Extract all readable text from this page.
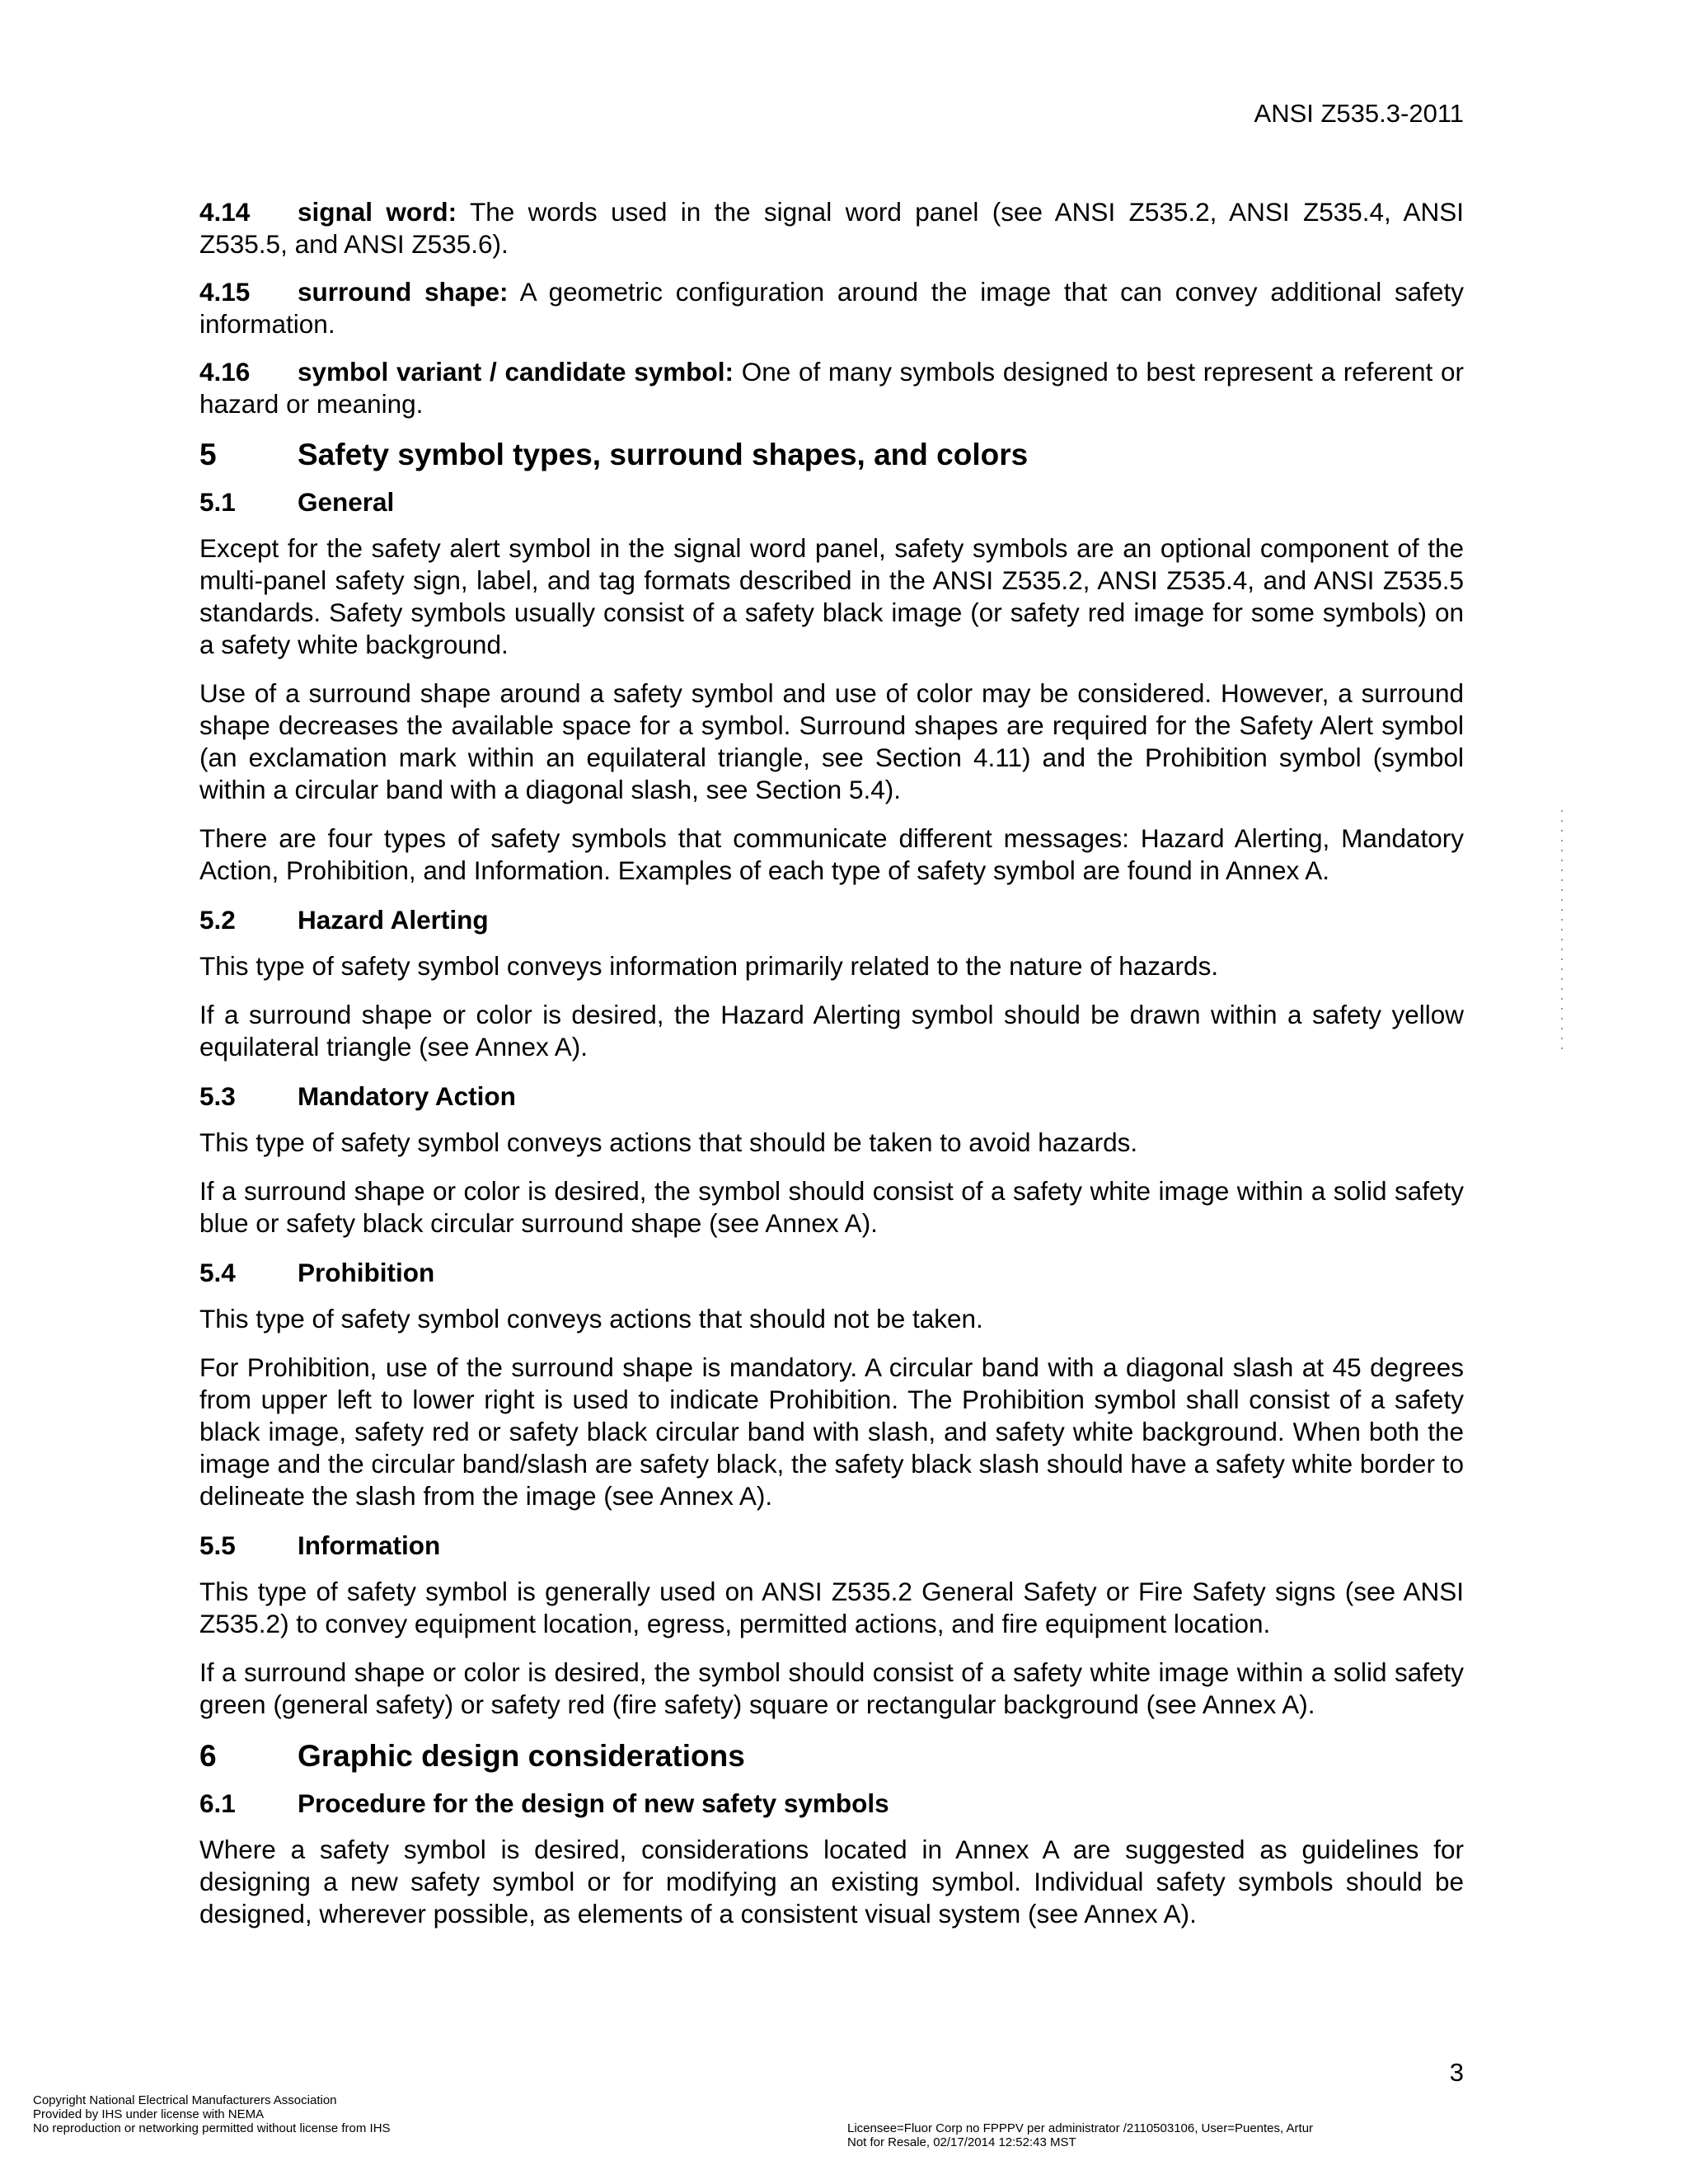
ANSI Z535.3-2011

4.14 signal word: The words used in the signal word panel (see ANSI Z535.2, ANSI Z535.4, ANSI Z535.5, and ANSI Z535.6).

4.15 surround shape: A geometric configuration around the image that can convey additional safety information.

4.16 symbol variant / candidate symbol: One of many symbols designed to best represent a referent or hazard or meaning.

5	Safety symbol types, surround shapes, and colors
5.1 General

Except for the safety alert symbol in the signal word panel, safety symbols are an optional component of the multi-panel safety sign, label, and tag formats described in the ANSI Z535.2, ANSI Z535.4, and ANSI Z535.5 standards. Safety symbols usually consist of a safety black image (or safety red image for some symbols) on a safety white background.

Use of a surround shape around a safety symbol and use of color may be considered. However, a surround shape decreases the available space for a symbol. Surround shapes are required for the Safety Alert symbol (an exclamation mark within an equilateral triangle, see Section 4.11) and the Prohibition symbol (symbol within a circular band with a diagonal slash, see Section 5.4).

There are four types of safety symbols that communicate different messages: Hazard Alerting, Mandatory Action, Prohibition, and Information. Examples of each type of safety symbol are found in Annex A.

5.2 Hazard Alerting

This type of safety symbol conveys information primarily related to the nature of hazards.

If a surround shape or color is desired, the Hazard Alerting symbol should be drawn within a safety yellow equilateral triangle (see Annex A).

5.3 Mandatory Action

This type of safety symbol conveys actions that should be taken to avoid hazards.

If a surround shape or color is desired, the symbol should consist of a safety white image within a solid safety blue or safety black circular surround shape (see Annex A).

5.4 Prohibition

This type of safety symbol conveys actions that should not be taken.

For Prohibition, use of the surround shape is mandatory. A circular band with a diagonal slash at 45 degrees from upper left to lower right is used to indicate Prohibition. The Prohibition symbol shall consist of a safety black image, safety red or safety black circular band with slash, and safety white background. When both the image and the circular band/slash are safety black, the safety black slash should have a safety white border to delineate the slash from the image (see Annex A).

5.5 Information

This type of safety symbol is generally used on ANSI Z535.2 General Safety or Fire Safety signs (see ANSI Z535.2) to convey equipment location, egress, permitted actions, and fire equipment location.

If a surround shape or color is desired, the symbol should consist of a safety white image within a solid safety green (general safety) or safety red (fire safety) square or rectangular background (see Annex A).

6	Graphic design considerations
6.1 Procedure for the design of new safety symbols

Where a safety symbol is desired, considerations located in Annex A are suggested as guidelines for designing a new safety symbol or for modifying an existing symbol. Individual safety symbols should be designed, wherever possible, as elements of a consistent visual system (see Annex A).

3
Copyright National Electrical Manufacturers Association
Provided by IHS under license with NEMA
No reproduction or networking permitted without license from IHS	Licensee=Fluor Corp no FPPPV per administrator /2110503106, User=Puentes, Artur
Not for Resale, 02/17/2014 12:52:43 MST
